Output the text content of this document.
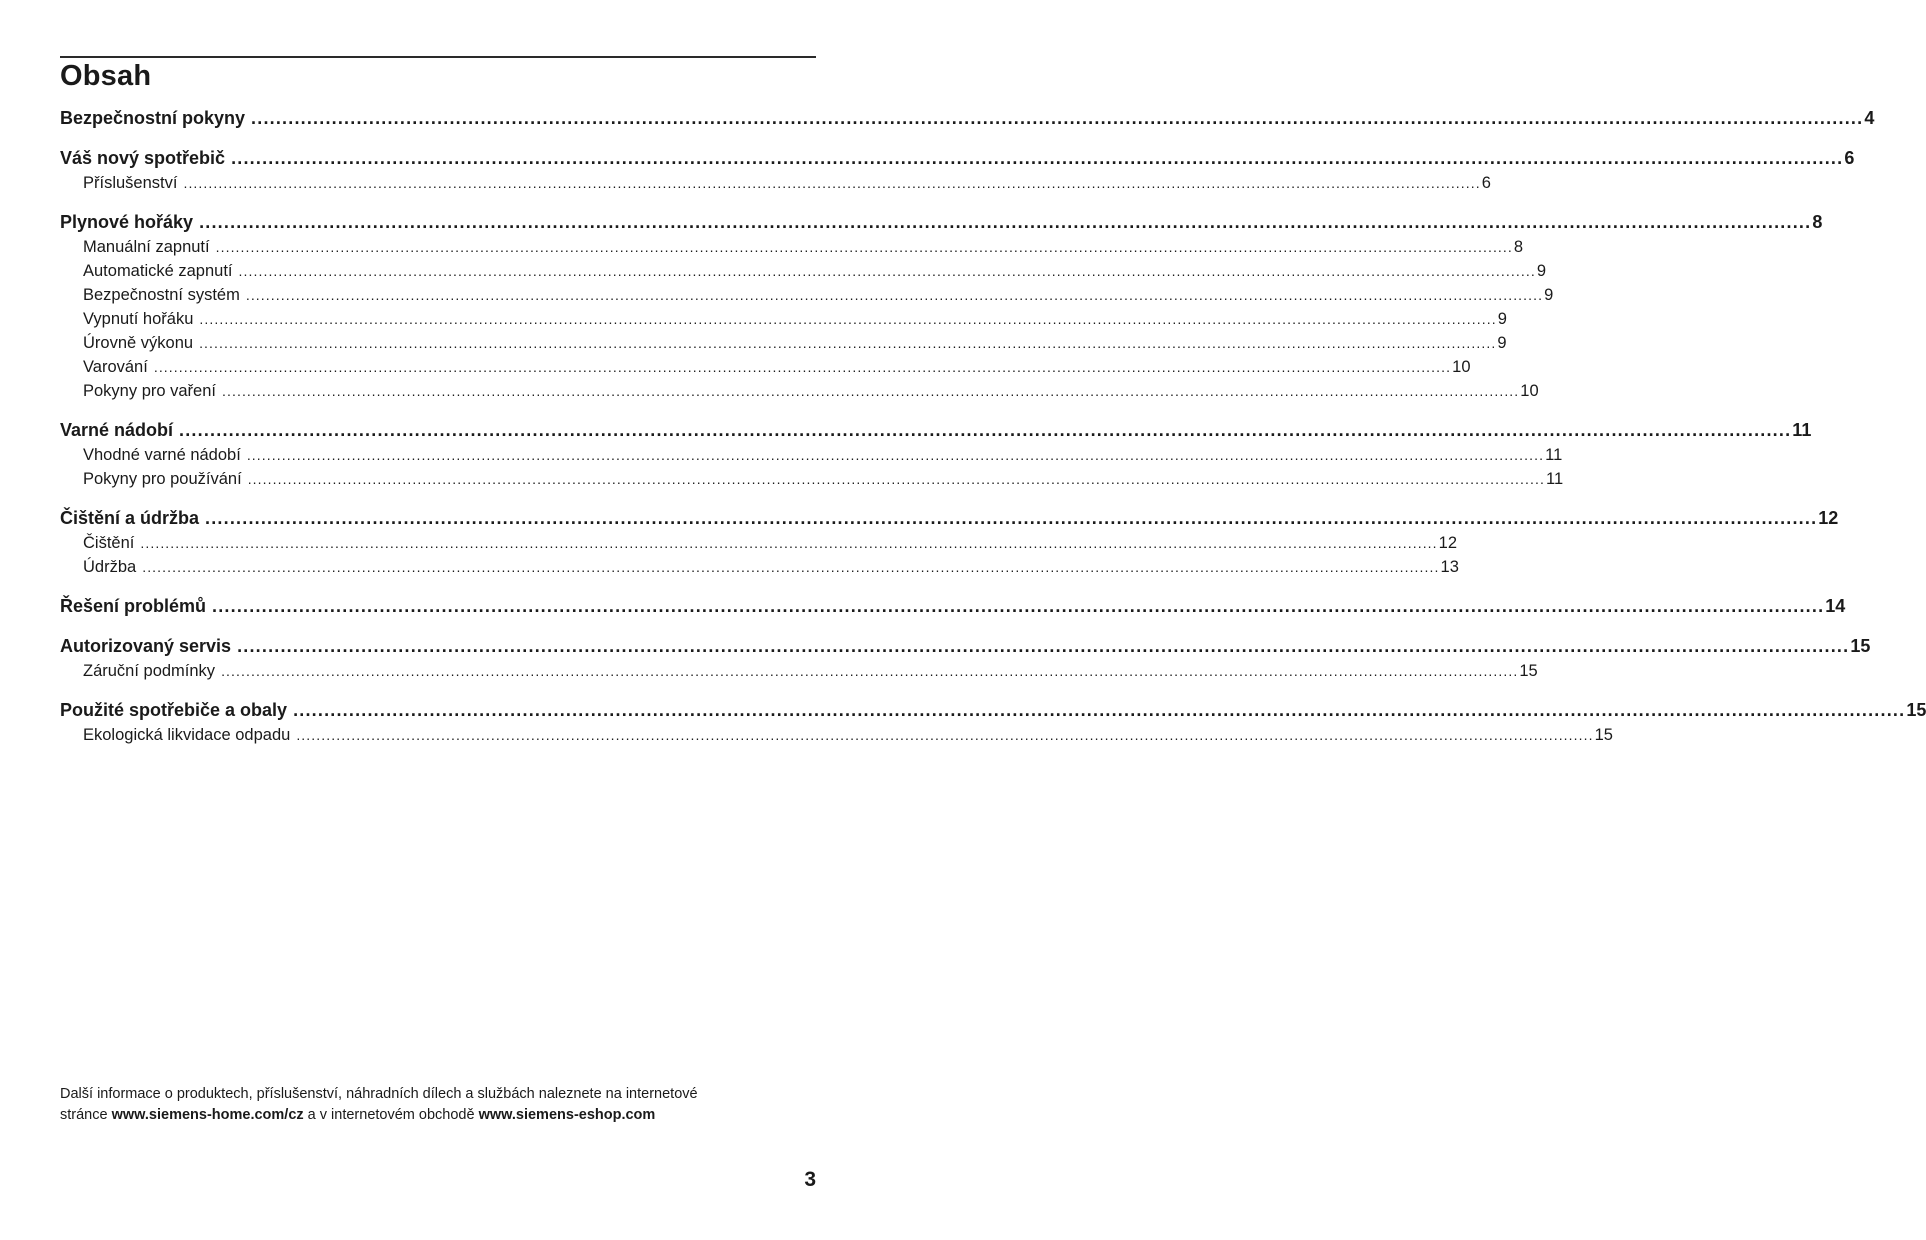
Obsah
Bezpečnostní pokyny .................................................................................................................................................................................................................................................................... 4
Váš nový spotřebič .................................................................................................................................................................................................................................................................... 6
Příslušenství .................................................................................................................................................................................................................................................................... 6
Plynové hořáky .................................................................................................................................................................................................................................................................... 8
Manuální zapnutí .................................................................................................................................................................................................................................................................... 8
Automatické zapnutí .................................................................................................................................................................................................................................................................... 9
Bezpečnostní systém .................................................................................................................................................................................................................................................................... 9
Vypnutí hořáku .................................................................................................................................................................................................................................................................... 9
Úrovně výkonu .................................................................................................................................................................................................................................................................... 9
Varování .................................................................................................................................................................................................................................................................... 10
Pokyny pro vaření .................................................................................................................................................................................................................................................................... 10
Varné nádobí .................................................................................................................................................................................................................................................................... 11
Vhodné varné nádobí .................................................................................................................................................................................................................................................................... 11
Pokyny pro používání .................................................................................................................................................................................................................................................................... 11
Čištění a údržba .................................................................................................................................................................................................................................................................... 12
Čištění .................................................................................................................................................................................................................................................................... 12
Údržba .................................................................................................................................................................................................................................................................... 13
Řešení problémů .................................................................................................................................................................................................................................................................... 14
Autorizovaný servis .................................................................................................................................................................................................................................................................... 15
Záruční podmínky .................................................................................................................................................................................................................................................................... 15
Použité spotřebiče a obaly .................................................................................................................................................................................................................................................................... 15
Ekologická likvidace odpadu .................................................................................................................................................................................................................................................................... 15
Další informace o produktech, příslušenství, náhradních dílech a službách naleznete na internetové
stránce www.siemens-home.com/cz a v internetovém obchodě www.siemens-eshop.com
3
